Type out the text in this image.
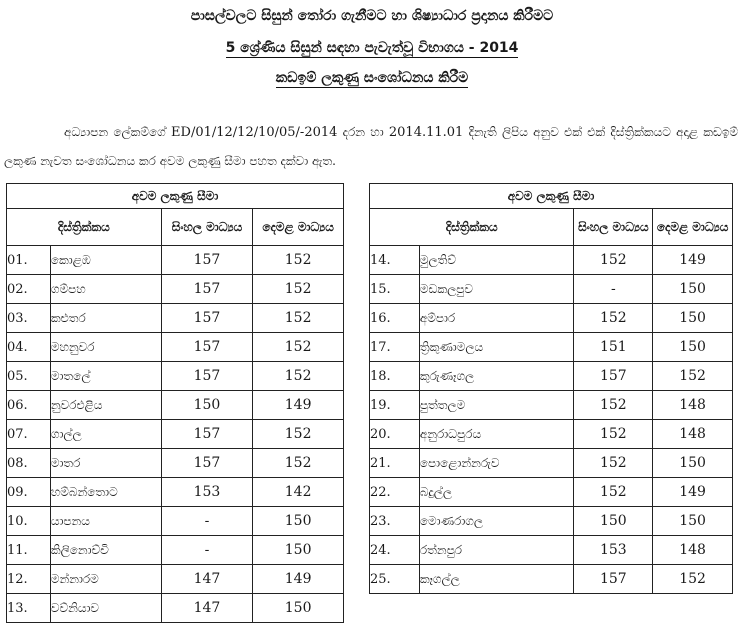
පාසල්වලට සිසුන් තෝරා ගැනීමට හා ශිෂ්‍යාධාර ප්‍රදානය කිරීමට
5 ශ්‍රේණිය සිසුන් සඳහා පැවැත්වූ විභාගය - 2014
කඩඉම් ලකුණු සංශෝධනය කිරීම
අධ්‍යාපන ලේකම්ගේ ED/01/12/12/10/05/-2014 දරන හා 2014.11.01 දිනැති ලිපිය අනුව එක් එක් දිස්ත්‍රික්කයට අදාළ කඩඉම් ලකුණ නැවත සංශෝධනය කර අවම ලකුණු සීමා පහත දක්වා ඇත.
අවම ලකුණු සීමා			
දිස්ත්‍රික්කය		සිංහල මාධ්‍යය	දෙමළ මාධ්‍යය
01.	කොළඹ	157	152
02.	ගම්පහ	157	152
03.	කළුතර	157	152
04.	මහනුවර	157	152
05.	මාතලේ	157	152
06.	නුවරඑළිය	150	149
07.	ගාල්ල	157	152
08.	මාතර	157	152
09.	හම්බන්තොට	153	142
10.	යාපනය	-	150
11.	කිලිනොච්චි	-	150
12.	මන්නාරම	147	149
13.	වව්නියාව	147	150
අවම ලකුණු සීමා			
දිස්ත්‍රික්කය		සිංහල මාධ්‍යය	දෙමළ මාධ්‍යය
14.	මුලතිව්	152	149
15.	මඩකලපුව	-	150
16.	අම්පාර	152	150
17.	ත්‍රිකුණාමලය	151	150
18.	කුරුණෑගල	157	152
19.	පුත්තලම	152	148
20.	අනුරාධපුරය	152	148
21.	පොළොන්නරුව	152	150
22.	බදුල්ල	152	149
23.	මොණරාගල	150	150
24.	රත්නපුර	153	148
25.	කෑගල්ල	157	152
